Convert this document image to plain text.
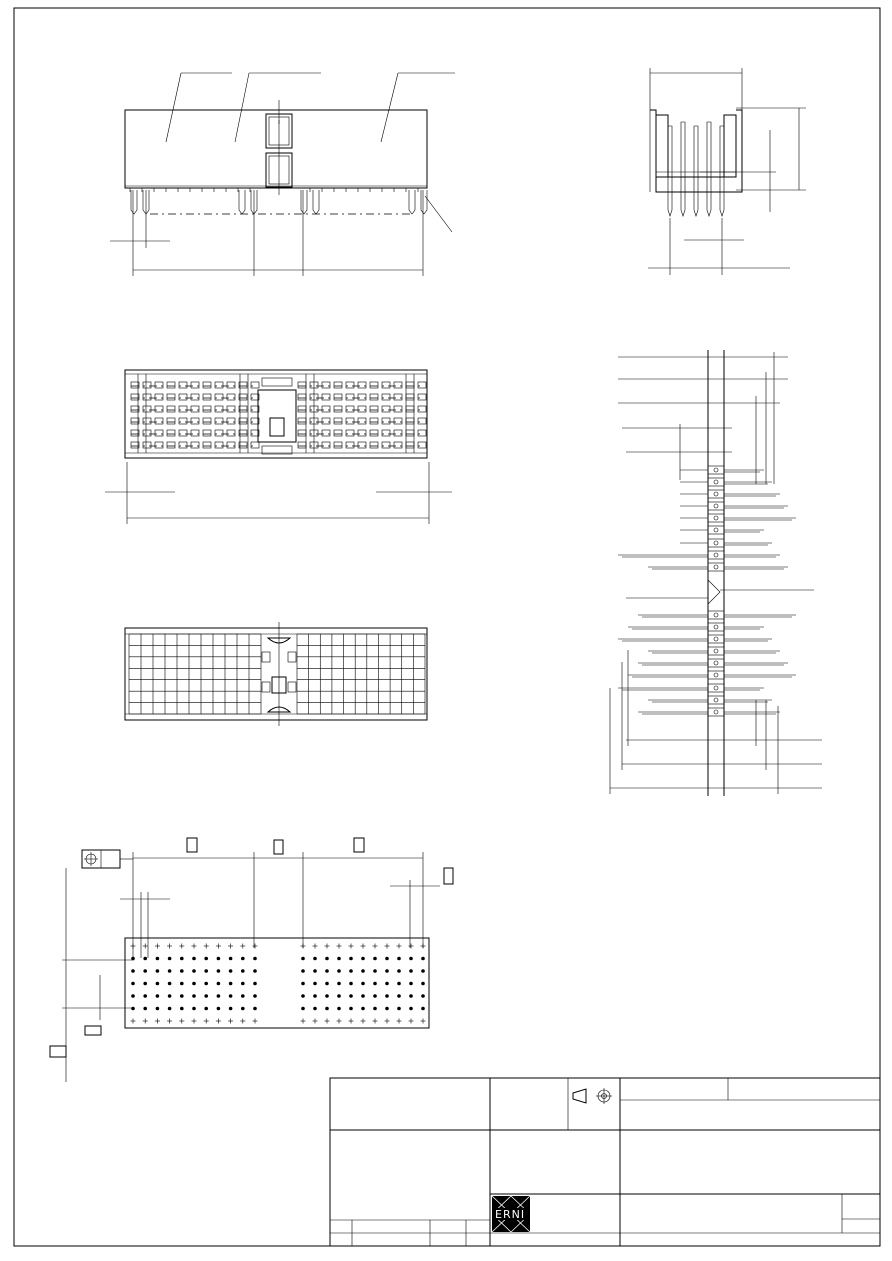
ERNI
